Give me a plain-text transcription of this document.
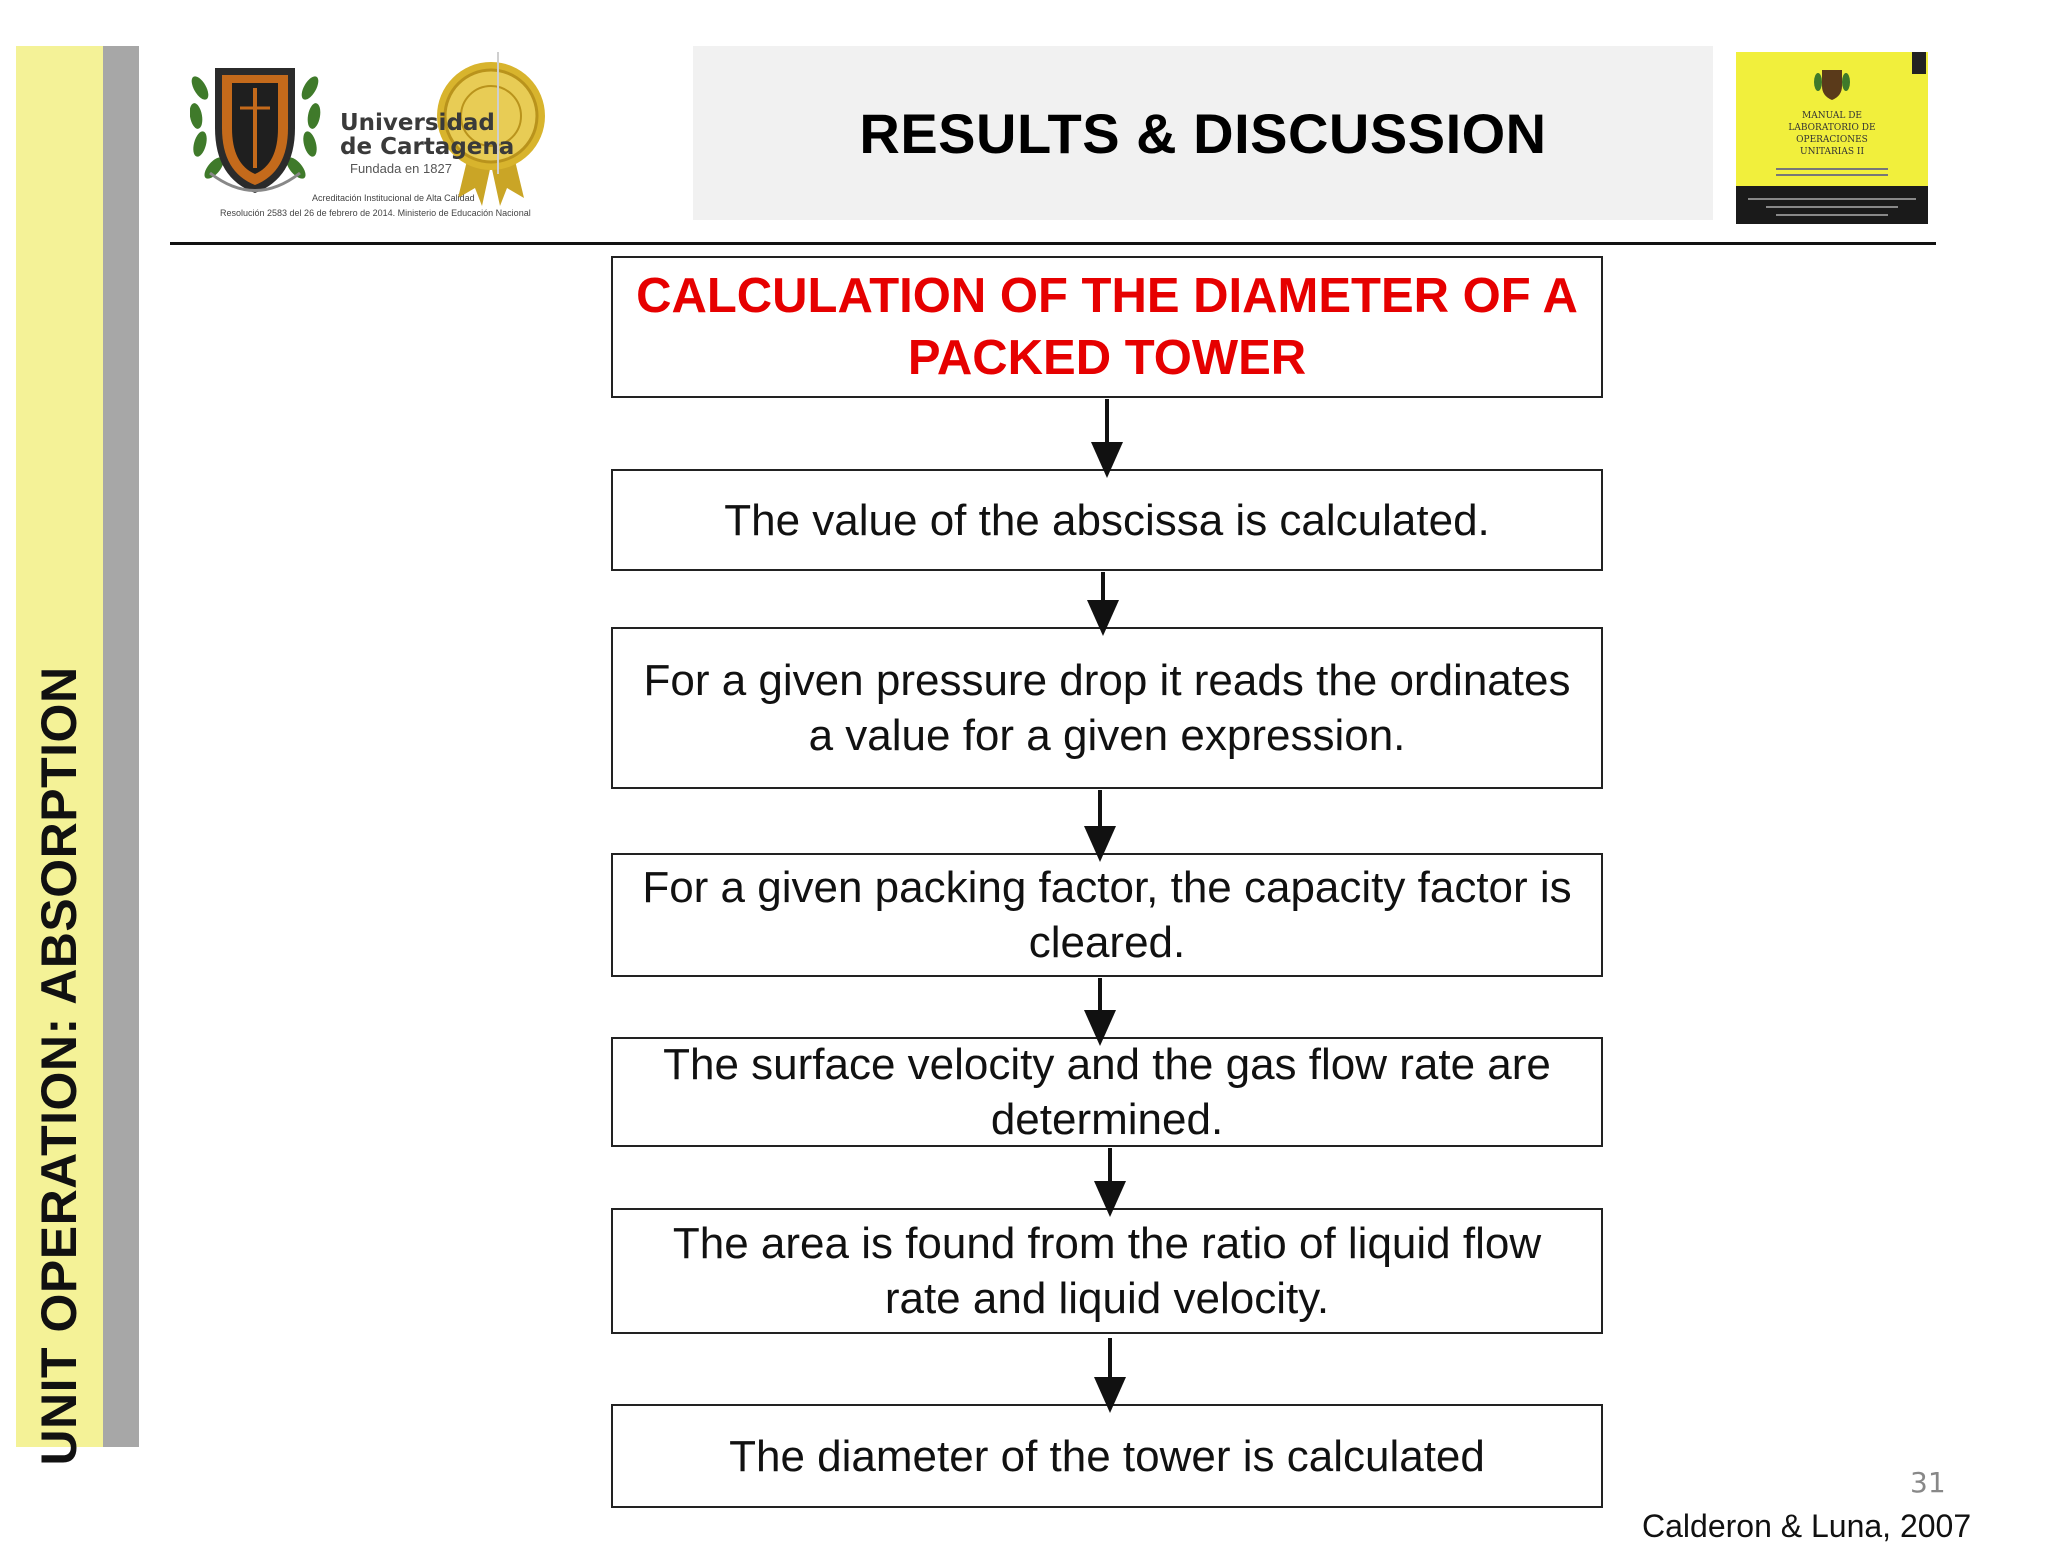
UNIT OPERATION: ABSORPTION
Universidad
de Cartagena
Fundada en 1827
Acreditación Institucional de Alta Calidad
Resolución 2583 del 26 de febrero de 2014. Ministerio de Educación Nacional
RESULTS & DISCUSSION	MANUAL DE
LABORATORIO DE
OPERACIONES
UNITARIAS II
CALCULATION OF THE DIAMETER OF A PACKED TOWER
The value of the abscissa is calculated.
For a given pressure drop it reads the ordinates a value for a given expression.
For a given packing factor, the capacity factor is cleared.
The surface velocity and the gas flow rate are determined.
The area is found from the ratio of liquid flow rate and liquid velocity.
The diameter of the tower is calculated
31
Calderon & Luna, 2007
